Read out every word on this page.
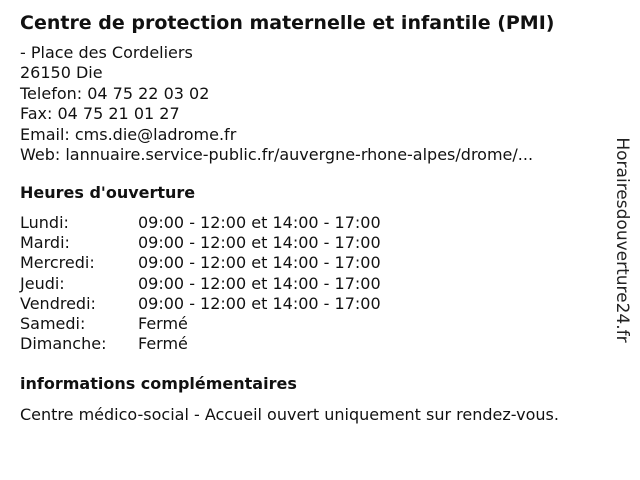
Centre de protection maternelle et infantile (PMI)
- Place des Cordeliers
26150 Die
Telefon: 04 75 22 03 02
Fax: 04 75 21 01 27
Email: cms.die@ladrome.fr
Web: lannuaire.service-public.fr/auvergne-rhone-alpes/drome/...
Heures d'ouverture
Lundi:	09:00 - 12:00 et 14:00 - 17:00
Mardi:	09:00 - 12:00 et 14:00 - 17:00
Mercredi:	09:00 - 12:00 et 14:00 - 17:00
Jeudi:	09:00 - 12:00 et 14:00 - 17:00
Vendredi:	09:00 - 12:00 et 14:00 - 17:00
Samedi:	Fermé
Dimanche: Fermé
informations complémentaires
Centre médico-social - Accueil ouvert uniquement sur rendez-vous.
Horairesdouverture24.fr
